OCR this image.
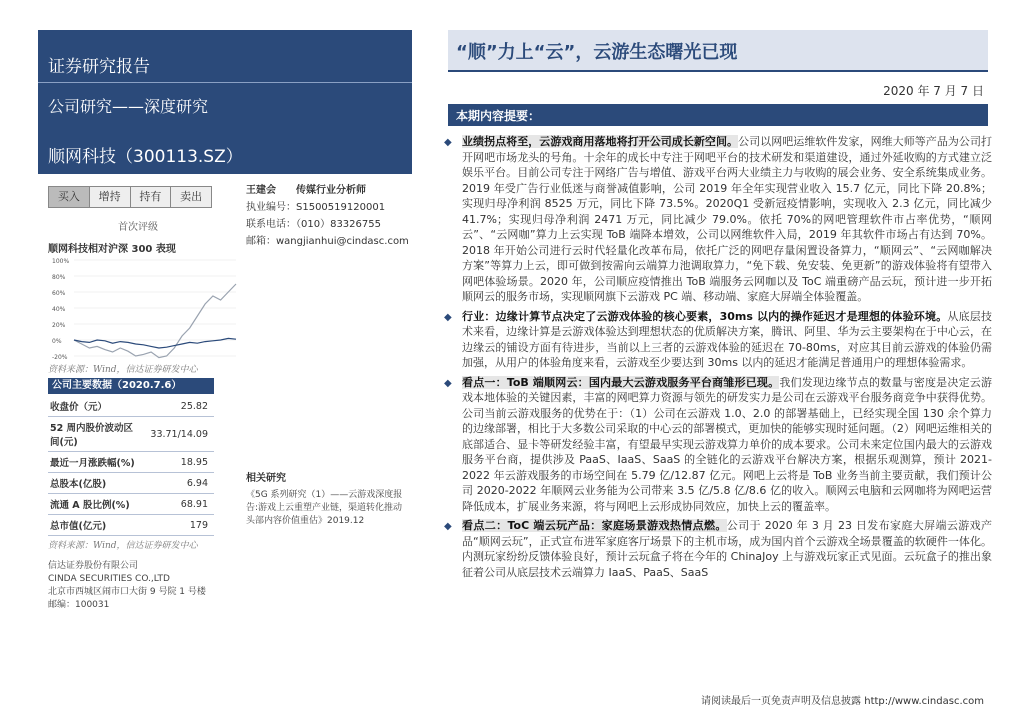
证券研究报告
公司研究——深度研究
顺网科技（300113.SZ）
买入	增持	持有	卖出
首次评级
王建会 传媒行业分析师
执业编号：S1500519120001
联系电话：（010）83326755
邮箱：wangjianhui@cindasc.com
顺网科技相对沪深 300 表现
100%
80%
60%
40%
20%
0%
-20%
资料来源：Wind，信达证券研发中心
公司主要数据（2020.7.6）
收盘价（元）	25.82
52 周内股价波动区间(元)	33.71/14.09
最近一月涨跌幅(%)	18.95
总股本(亿股)	6.94
流通 A 股比例(%)	68.91
总市值(亿元)	179
资料来源：Wind，信达证券研发中心
相关研究
《5G 系列研究（1）——云游戏深度报告:游戏上云重塑产业链，渠道转化推动头部内容价值重估》2019.12
信达证券股份有限公司
CINDA SECURITIES CO.,LTD
北京市西城区闹市口大街 9 号院 1 号楼
邮编：100031
“顺”力上“云”，云游生态曙光已现
2020 年 7 月 7 日
本期内容提要：
◆ 业绩拐点将至，云游戏商用落地将打开公司成长新空间。公司以网吧运维软件发家，网维大师等产品为公司打开网吧市场龙头的号角。十余年的成长中专注于网吧平台的技术研发和渠道建设，通过外延收购的方式建立泛娱乐平台。目前公司专注于网络广告与增值、游戏平台两大业绩主力与收购的展会业务、安全系统集成业务。2019 年受广告行业低迷与商誉减值影响，公司 2019 年全年实现营业收入 15.7 亿元，同比下降 20.8%；实现归母净利润 8525 万元，同比下降 73.5%。2020Q1 受新冠疫情影响，实现收入 2.3 亿元，同比减少 41.7%；实现归母净利润 2471 万元，同比减少 79.0%。依托 70%的网吧管理软件市占率优势，“顺网云”、“云网咖”算力上云实现 ToB 端降本增效，公司以网维软件入局，2019 年其软件市场占有达到 70%。2018 年开始公司进行云时代轻量化改革布局，依托广泛的网吧存量闲置设备算力，“顺网云”、“云网咖解决方案”等算力上云，即可做到按需向云端算力池调取算力，“免下载、免安装、免更新”的游戏体验将有望带入网吧体验场景。2020 年，公司顺应疫情推出 ToB 端服务云网咖以及 ToC 端重磅产品云玩，预计进一步开拓顺网云的服务市场，实现顺网旗下云游戏 PC 端、移动端、家庭大屏端全体验覆盖。
◆ 行业：边缘计算节点决定了云游戏体验的核心要素，30ms 以内的操作延迟才是理想的体验环境。从底层技术来看，边缘计算是云游戏体验达到理想状态的优质解决方案，腾讯、阿里、华为云主要架构在于中心云，在边缘云的铺设方面有待进步，当前以上三者的云游戏体验的延迟在 70-80ms，对应其目前云游戏的体验仍需加强，从用户的体验角度来看，云游戏至少要达到 30ms 以内的延迟才能满足普通用户的理想体验需求。
◆ 看点一：ToB 端顺网云：国内最大云游戏服务平台商雏形已现。我们发现边缘节点的数量与密度是决定云游戏本地体验的关键因素，丰富的网吧算力资源与领先的研发实力是公司在云游戏平台服务商竞争中获得优势。公司当前云游戏服务的优势在于：（1）公司在云游戏 1.0、2.0 的部署基础上，已经实现全国 130 余个算力的边缘部署，相比于大多数公司采取的中心云的部署模式，更加快的能够实现时延问题。（2）网吧运维相关的底部适合、显卡等研发经验丰富，有望最早实现云游戏算力单价的成本要求。公司未来定位国内最大的云游戏服务平台商，提供涉及 PaaS、IaaS、SaaS 的全链化的云游戏平台解决方案，根据乐观测算，预计 2021-2022 年云游戏服务的市场空间在 5.79 亿/12.87 亿元。网吧上云将是 ToB 业务当前主要贡献，我们预计公司 2020-2022 年顺网云业务能为公司带来 3.5 亿/5.8 亿/8.6 亿的收入。顺网云电脑和云网咖将为网吧运营降低成本，扩展业务来源，将与网吧上云形成协同效应，加快上云的覆盖率。
◆ 看点二：ToC 端云玩产品：家庭场景游戏热情点燃。公司于 2020 年 3 月 23 日发布家庭大屏端云游戏产品“顺网云玩”，正式宣布进军家庭客厅场景下的主机市场，成为国内首个云游戏全场景覆盖的软硬件一体化。内测玩家纷纷反馈体验良好，预计云玩盒子将在今年的 ChinaJoy 上与游戏玩家正式见面。云玩盒子的推出象征着公司从底层技术云端算力 IaaS、PaaS、SaaS
请阅读最后一页免责声明及信息披露 http://www.cindasc.com
